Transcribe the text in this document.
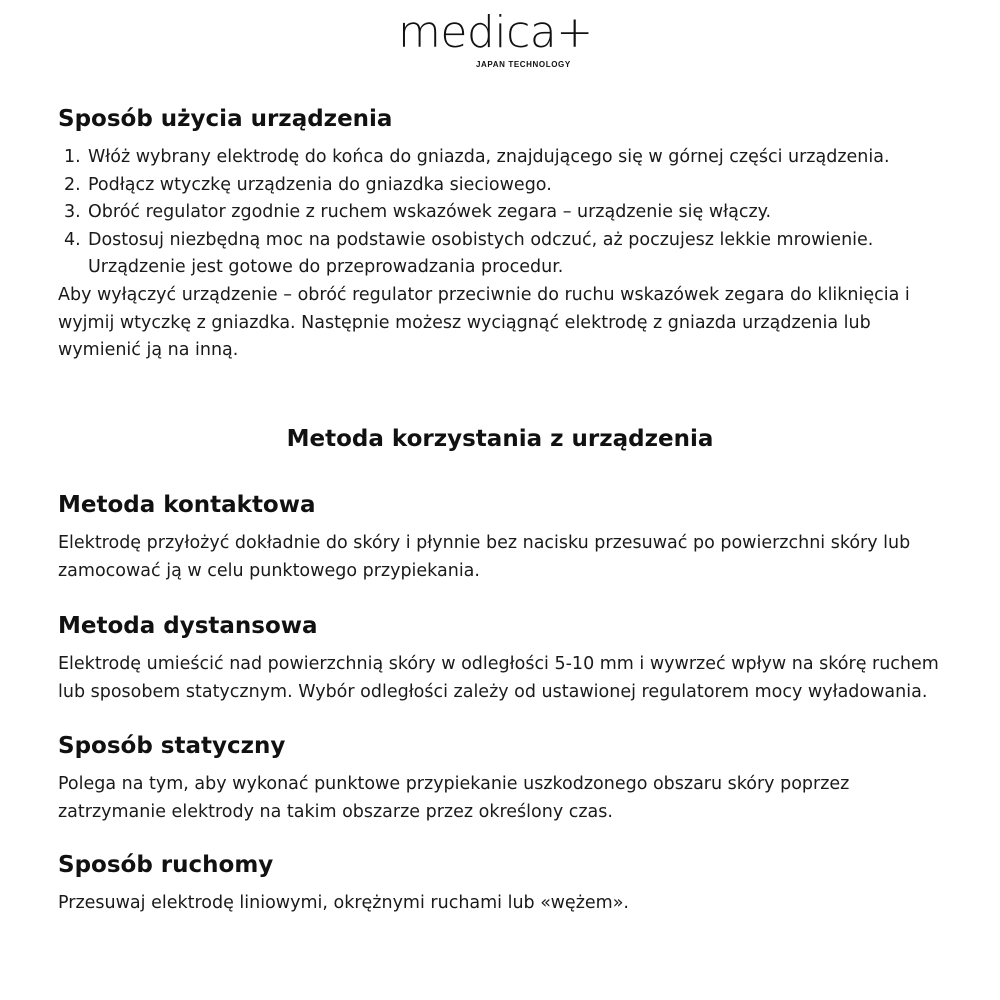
medica+
JAPAN TECHNOLOGY
Sposób użycia urządzenia
1. Włóż wybrany elektrodę do końca do gniazda, znajdującego się w górnej części urządzenia.
2. Podłącz wtyczkę urządzenia do gniazdka sieciowego.
3. Obróć regulator zgodnie z ruchem wskazówek zegara – urządzenie się włączy.
4. Dostosuj niezbędną moc na podstawie osobistych odczuć, aż poczujesz lekkie mrowienie. Urządzenie jest gotowe do przeprowadzania procedur.

Aby wyłączyć urządzenie – obróć regulator przeciwnie do ruchu wskazówek zegara do kliknięcia i wyjmij wtyczkę z gniazdka. Następnie możesz wyciągnąć elektrodę z gniazda urządzenia lub wymienić ją na inną.

Metoda korzystania z urządzenia
Metoda kontaktowa

Elektrodę przyłożyć dokładnie do skóry i płynnie bez nacisku przesuwać po powierzchni skóry lub zamocować ją w celu punktowego przypiekania.

Metoda dystansowa

Elektrodę umieścić nad powierzchnią skóry w odległości 5-10 mm i wywrzeć wpływ na skórę ruchem lub sposobem statycznym. Wybór odległości zależy od ustawionej regulatorem mocy wyładowania.

Sposób statyczny

Polega na tym, aby wykonać punktowe przypiekanie uszkodzonego obszaru skóry poprzez zatrzymanie elektrody na takim obszarze przez określony czas.

Sposób ruchomy

Przesuwaj elektrodę liniowymi, okrężnymi ruchami lub «wężem».
